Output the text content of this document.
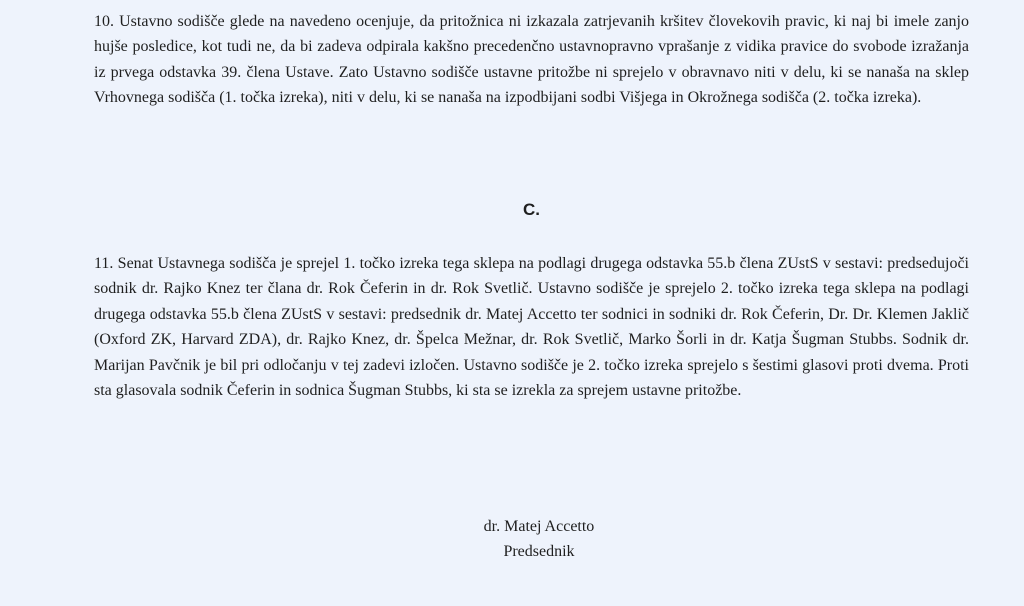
10. Ustavno sodišče glede na navedeno ocenjuje, da pritožnica ni izkazala zatrjevanih kršitev človekovih pravic, ki naj bi imele zanjo hujše posledice, kot tudi ne, da bi zadeva odpirala kakšno precedenčno ustavnopravno vprašanje z vidika pravice do svobode izražanja iz prvega odstavka 39. člena Ustave. Zato Ustavno sodišče ustavne pritožbe ni sprejelo v obravnavo niti v delu, ki se nanaša na sklep Vrhovnega sodišča (1. točka izreka), niti v delu, ki se nanaša na izpodbijani sodbi Višjega in Okrožnega sodišča (2. točka izreka).

C.

11. Senat Ustavnega sodišča je sprejel 1. točko izreka tega sklepa na podlagi drugega odstavka 55.b člena ZUstS v sestavi: predsedujoči sodnik dr. Rajko Knez ter člana dr. Rok Čeferin in dr. Rok Svetlič. Ustavno sodišče je sprejelo 2. točko izreka tega sklepa na podlagi drugega odstavka 55.b člena ZUstS v sestavi: predsednik dr. Matej Accetto ter sodnici in sodniki dr. Rok Čeferin, Dr. Dr. Klemen Jaklič (Oxford ZK, Harvard ZDA), dr. Rajko Knez, dr. Špelca Mežnar, dr. Rok Svetlič, Marko Šorli in dr. Katja Šugman Stubbs. Sodnik dr. Marijan Pavčnik je bil pri odločanju v tej zadevi izločen. Ustavno sodišče je 2. točko izreka sprejelo s šestimi glasovi proti dvema. Proti sta glasovala sodnik Čeferin in sodnica Šugman Stubbs, ki sta se izrekla za sprejem ustavne pritožbe.

dr. Matej Accetto
Predsednik
